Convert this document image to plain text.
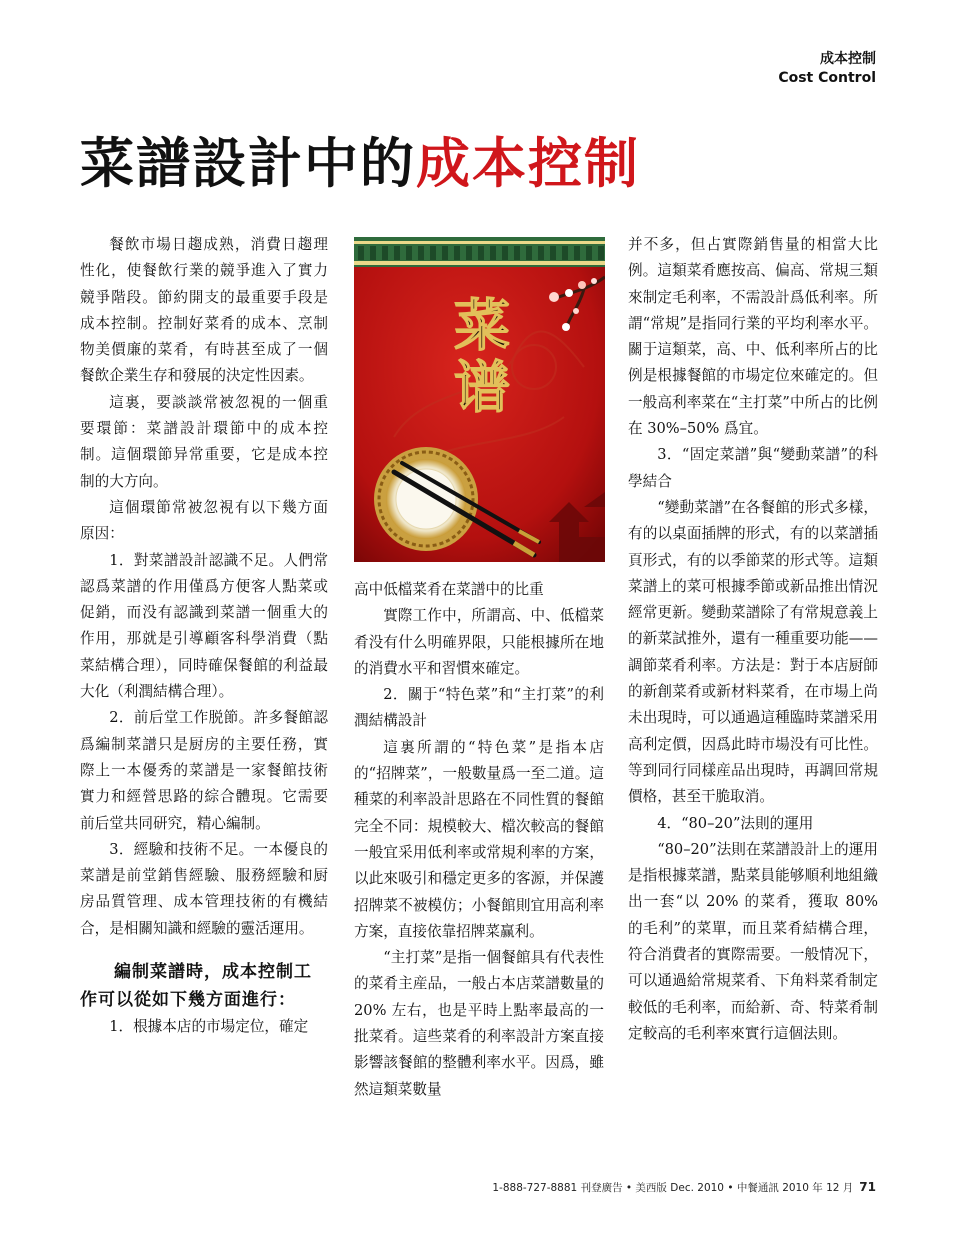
成本控制
Cost Control
菜譜設計中的成本控制

餐飲市場日趨成熟，消費日趨理性化，使餐飲行業的競爭進入了實力競爭階段。節約開支的最重要手段是成本控制。控制好菜肴的成本、烹制物美價廉的菜肴，有時甚至成了一個餐飲企業生存和發展的決定性因素。

這裏，要談談常被忽視的一個重要環節：菜譜設計環節中的成本控制。這個環節异常重要，它是成本控制的大方向。

這個環節常被忽視有以下幾方面原因：

1．對菜譜設計認識不足。人們常認爲菜譜的作用僅爲方便客人點菜或促銷，而没有認識到菜譜一個重大的作用，那就是引導顧客科學消費（點菜結構合理），同時確保餐館的利益最大化（利潤結構合理）。

2．前后堂工作脱節。許多餐館認爲編制菜譜只是厨房的主要任務，實際上一本優秀的菜譜是一家餐館技術實力和經營思路的綜合體現。它需要前后堂共同研究，精心編制。

3．經驗和技術不足。一本優良的菜譜是前堂銷售經驗、服務經驗和厨房品質管理、成本管理技術的有機結合，是相關知識和經驗的靈活運用。

編制菜譜時，成本控制工作可以從如下幾方面進行：

1．根據本店的市場定位，確定

菜
谱

高中低檔菜肴在菜譜中的比重

實際工作中，所謂高、中、低檔菜肴没有什么明確界限，只能根據所在地的消費水平和習慣來確定。

2．關于“特色菜”和“主打菜”的利潤結構設計

這裏所謂的“特色菜”是指本店的“招牌菜”，一般數量爲一至二道。這種菜的利率設計思路在不同性質的餐館完全不同：規模較大、檔次較高的餐館一般宜采用低利率或常規利率的方案，以此來吸引和穩定更多的客源，并保護招牌菜不被模仿；小餐館則宜用高利率方案，直接依靠招牌菜赢利。

“主打菜”是指一個餐館具有代表性的菜肴主産品，一般占本店菜譜數量的 20% 左右，也是平時上點率最高的一批菜肴。這些菜肴的利率設計方案直接影響該餐館的整體利率水平。因爲，雖然這類菜數量

并不多，但占實際銷售量的相當大比例。這類菜肴應按高、偏高、常規三類來制定毛利率，不需設計爲低利率。所謂“常規”是指同行業的平均利率水平。關于這類菜，高、中、低利率所占的比例是根據餐館的市場定位來確定的。但一般高利率菜在“主打菜”中所占的比例在 30%–50% 爲宜。

3．“固定菜譜”與“變動菜譜”的科學結合

“變動菜譜”在各餐館的形式多樣，有的以桌面插牌的形式，有的以菜譜插頁形式，有的以季節菜的形式等。這類菜譜上的菜可根據季節或新品推出情況經常更新。變動菜譜除了有常規意義上的新菜試推外，還有一種重要功能——調節菜肴利率。方法是：對于本店厨師的新創菜肴或新材料菜肴，在市場上尚未出現時，可以通過這種臨時菜譜采用高利定價，因爲此時市場没有可比性。等到同行同樣産品出現時，再調回常規價格，甚至干脆取消。

4．“80–20”法則的運用

“80–20”法則在菜譜設計上的運用是指根據菜譜，點菜員能够順利地組織出一套“以 20% 的菜肴，獲取 80% 的毛利”的菜單，而且菜肴結構合理，符合消費者的實際需要。一般情况下，可以通過給常規菜肴、下角料菜肴制定較低的毛利率，而給新、奇、特菜肴制定較高的毛利率來實行這個法則。

1-888-727-8881 刊登廣告 • 美西版 Dec. 2010 • 中餐通訊 2010 年 12 月 71
